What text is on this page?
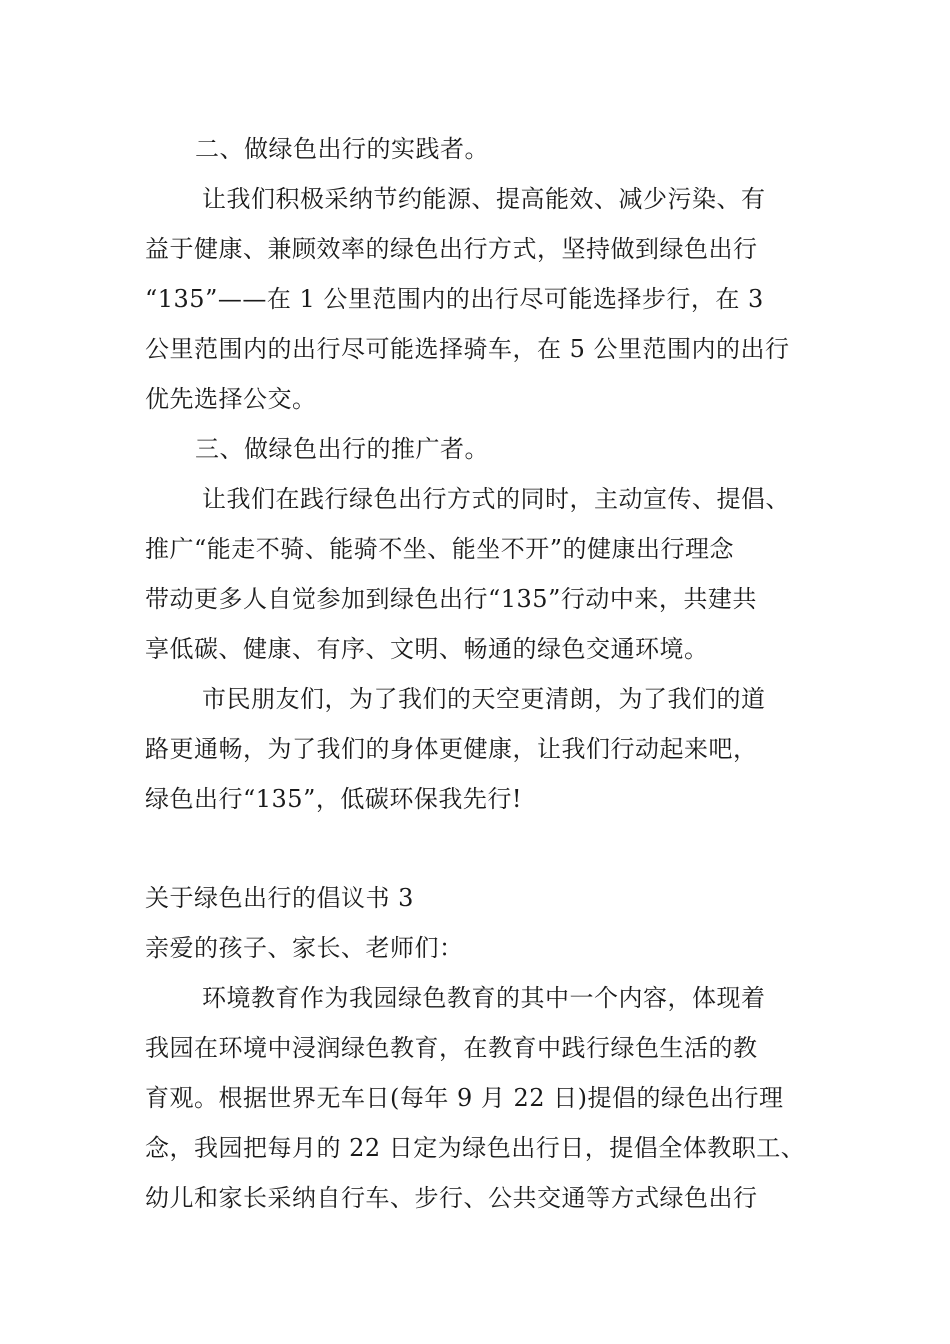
二、做绿色出行的实践者。
让我们积极采纳节约能源、提高能效、减少污染、有
益于健康、兼顾效率的绿色出行方式，坚持做到绿色出行
“135”——在 1 公里范围内的出行尽可能选择步行，在 3
公里范围内的出行尽可能选择骑车，在 5 公里范围内的出行
优先选择公交。
三、做绿色出行的推广者。
让我们在践行绿色出行方式的同时，主动宣传、提倡、
推广“能走不骑、能骑不坐、能坐不开”的健康出行理念
带动更多人自觉参加到绿色出行“135”行动中来，共建共
享低碳、健康、有序、文明、畅通的绿色交通环境。
市民朋友们，为了我们的天空更清朗，为了我们的道
路更通畅，为了我们的身体更健康，让我们行动起来吧，
绿色出行“135”，低碳环保我先行!
关于绿色出行的倡议书 3
亲爱的孩子、家长、老师们：
环境教育作为我园绿色教育的其中一个内容，体现着
我园在环境中浸润绿色教育，在教育中践行绿色生活的教
育观。根据世界无车日(每年 9 月 22 日)提倡的绿色出行理
念，我园把每月的 22 日定为绿色出行日，提倡全体教职工、
幼儿和家长采纳自行车、步行、公共交通等方式绿色出行
